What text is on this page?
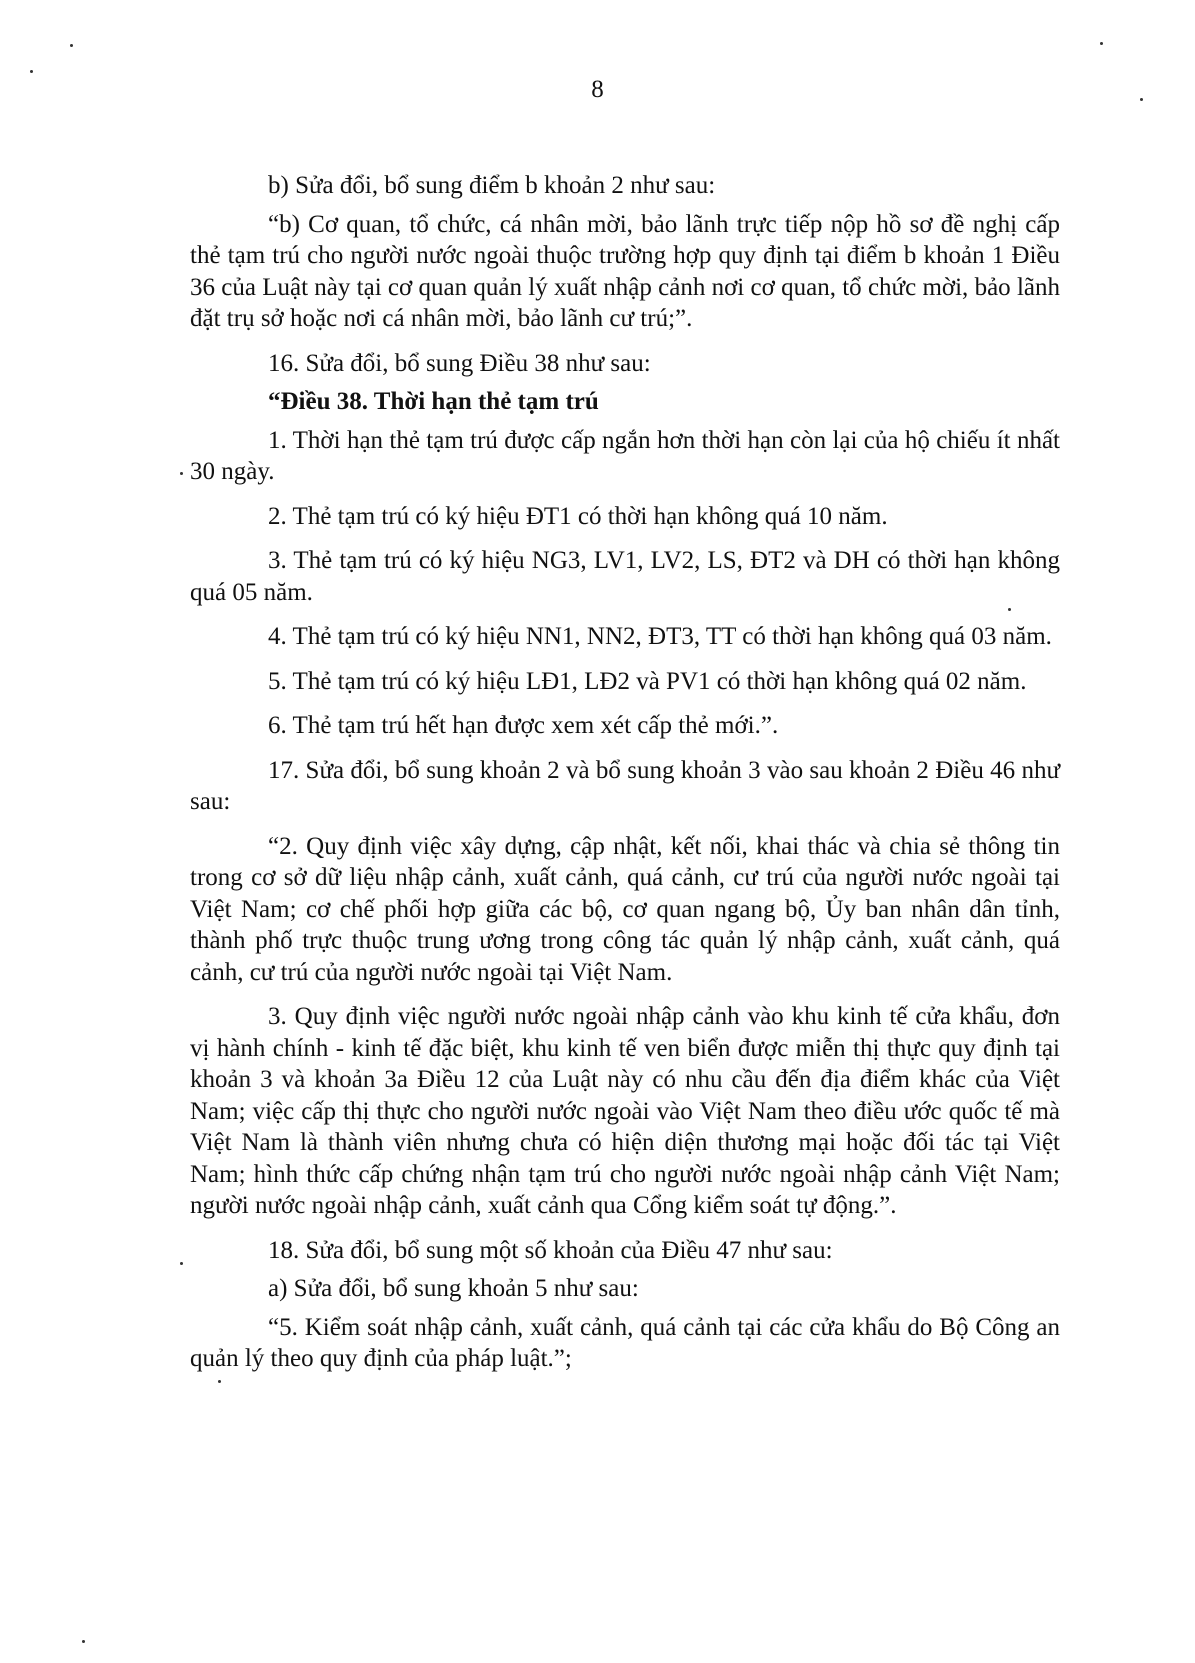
8

b) Sửa đổi, bổ sung điểm b khoản 2 như sau:

“b) Cơ quan, tổ chức, cá nhân mời, bảo lãnh trực tiếp nộp hồ sơ đề nghị cấp thẻ tạm trú cho người nước ngoài thuộc trường hợp quy định tại điểm b khoản 1 Điều 36 của Luật này tại cơ quan quản lý xuất nhập cảnh nơi cơ quan, tổ chức mời, bảo lãnh đặt trụ sở hoặc nơi cá nhân mời, bảo lãnh cư trú;”.

16. Sửa đổi, bổ sung Điều 38 như sau:

“Điều 38. Thời hạn thẻ tạm trú

1. Thời hạn thẻ tạm trú được cấp ngắn hơn thời hạn còn lại của hộ chiếu ít nhất 30 ngày.

2. Thẻ tạm trú có ký hiệu ĐT1 có thời hạn không quá 10 năm.

3. Thẻ tạm trú có ký hiệu NG3, LV1, LV2, LS, ĐT2 và DH có thời hạn không quá 05 năm.

4. Thẻ tạm trú có ký hiệu NN1, NN2, ĐT3, TT có thời hạn không quá 03 năm.

5. Thẻ tạm trú có ký hiệu LĐ1, LĐ2 và PV1 có thời hạn không quá 02 năm.

6. Thẻ tạm trú hết hạn được xem xét cấp thẻ mới.”.

17. Sửa đổi, bổ sung khoản 2 và bổ sung khoản 3 vào sau khoản 2 Điều 46 như sau:

“2. Quy định việc xây dựng, cập nhật, kết nối, khai thác và chia sẻ thông tin trong cơ sở dữ liệu nhập cảnh, xuất cảnh, quá cảnh, cư trú của người nước ngoài tại Việt Nam; cơ chế phối hợp giữa các bộ, cơ quan ngang bộ, Ủy ban nhân dân tỉnh, thành phố trực thuộc trung ương trong công tác quản lý nhập cảnh, xuất cảnh, quá cảnh, cư trú của người nước ngoài tại Việt Nam.

3. Quy định việc người nước ngoài nhập cảnh vào khu kinh tế cửa khẩu, đơn vị hành chính - kinh tế đặc biệt, khu kinh tế ven biển được miễn thị thực quy định tại khoản 3 và khoản 3a Điều 12 của Luật này có nhu cầu đến địa điểm khác của Việt Nam; việc cấp thị thực cho người nước ngoài vào Việt Nam theo điều ước quốc tế mà Việt Nam là thành viên nhưng chưa có hiện diện thương mại hoặc đối tác tại Việt Nam; hình thức cấp chứng nhận tạm trú cho người nước ngoài nhập cảnh Việt Nam; người nước ngoài nhập cảnh, xuất cảnh qua Cổng kiểm soát tự động.”.

18. Sửa đổi, bổ sung một số khoản của Điều 47 như sau:

a) Sửa đổi, bổ sung khoản 5 như sau:

“5. Kiểm soát nhập cảnh, xuất cảnh, quá cảnh tại các cửa khẩu do Bộ Công an quản lý theo quy định của pháp luật.”;
